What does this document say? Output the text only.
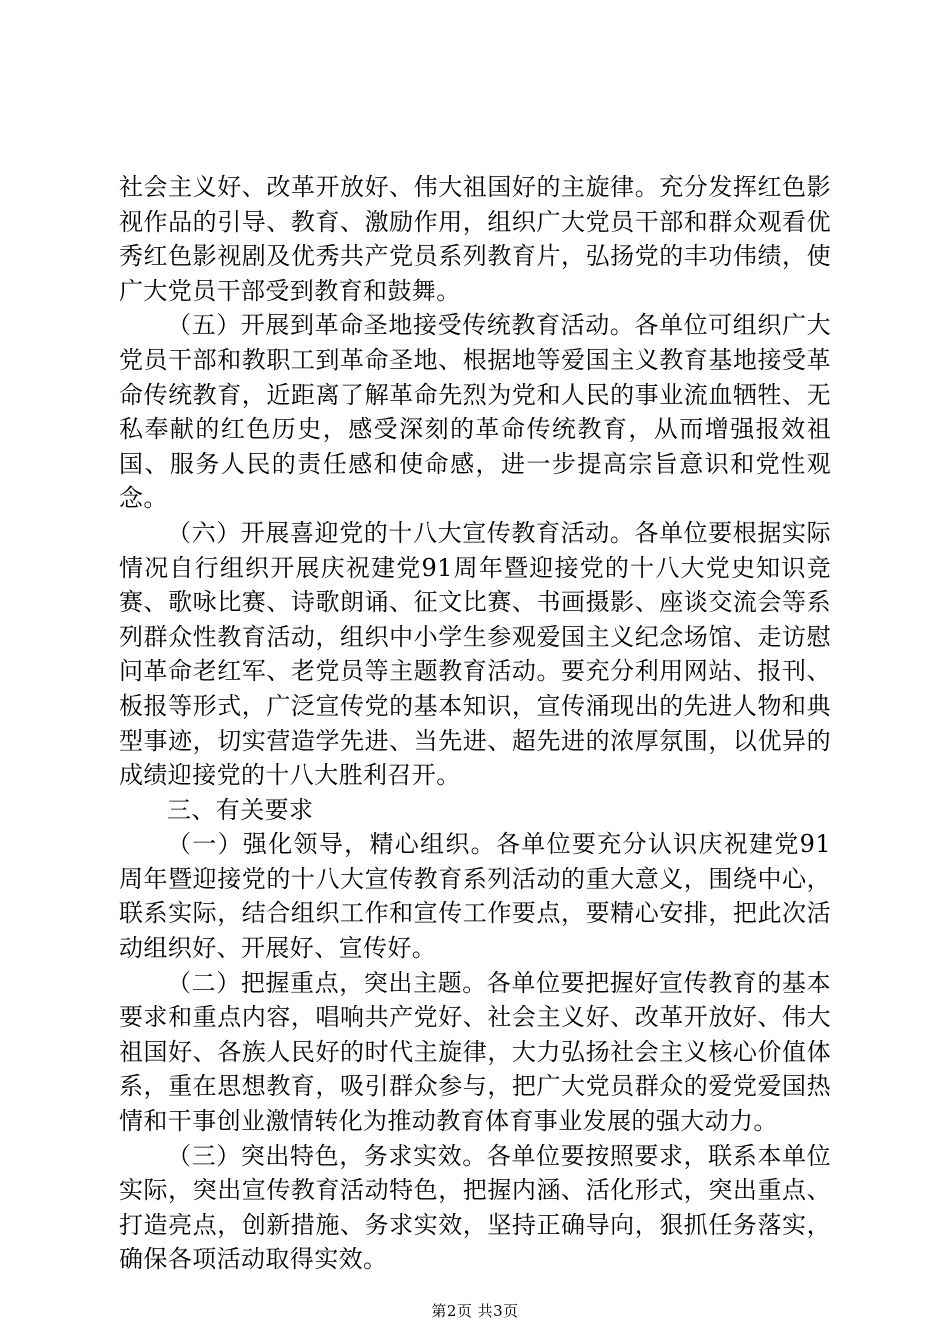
社会主义好、改革开放好、伟大祖国好的主旋律。充分发挥红色影视作品的引导、教育、激励作用，组织广大党员干部和群众观看优秀红色影视剧及优秀共产党员系列教育片，弘扬党的丰功伟绩，使广大党员干部受到教育和鼓舞。

（五）开展到革命圣地接受传统教育活动。各单位可组织广大党员干部和教职工到革命圣地、根据地等爱国主义教育基地接受革命传统教育，近距离了解革命先烈为党和人民的事业流血牺牲、无私奉献的红色历史，感受深刻的革命传统教育，从而增强报效祖国、服务人民的责任感和使命感，进一步提高宗旨意识和党性观念。

（六）开展喜迎党的十八大宣传教育活动。各单位要根据实际情况自行组织开展庆祝建党91周年暨迎接党的十八大党史知识竞赛、歌咏比赛、诗歌朗诵、征文比赛、书画摄影、座谈交流会等系列群众性教育活动，组织中小学生参观爱国主义纪念场馆、走访慰问革命老红军、老党员等主题教育活动。要充分利用网站、报刊、板报等形式，广泛宣传党的基本知识，宣传涌现出的先进人物和典型事迹，切实营造学先进、当先进、超先进的浓厚氛围，以优异的成绩迎接党的十八大胜利召开。

三、有关要求

（一）强化领导，精心组织。各单位要充分认识庆祝建党91周年暨迎接党的十八大宣传教育系列活动的重大意义，围绕中心，联系实际，结合组织工作和宣传工作要点，要精心安排，把此次活动组织好、开展好、宣传好。

（二）把握重点，突出主题。各单位要把握好宣传教育的基本要求和重点内容，唱响共产党好、社会主义好、改革开放好、伟大祖国好、各族人民好的时代主旋律，大力弘扬社会主义核心价值体系，重在思想教育，吸引群众参与，把广大党员群众的爱党爱国热情和干事创业激情转化为推动教育体育事业发展的强大动力。

（三）突出特色，务求实效。各单位要按照要求，联系本单位实际，突出宣传教育活动特色，把握内涵、活化形式，突出重点、打造亮点，创新措施、务求实效，坚持正确导向，狠抓任务落实，确保各项活动取得实效。

第2页 共3页
